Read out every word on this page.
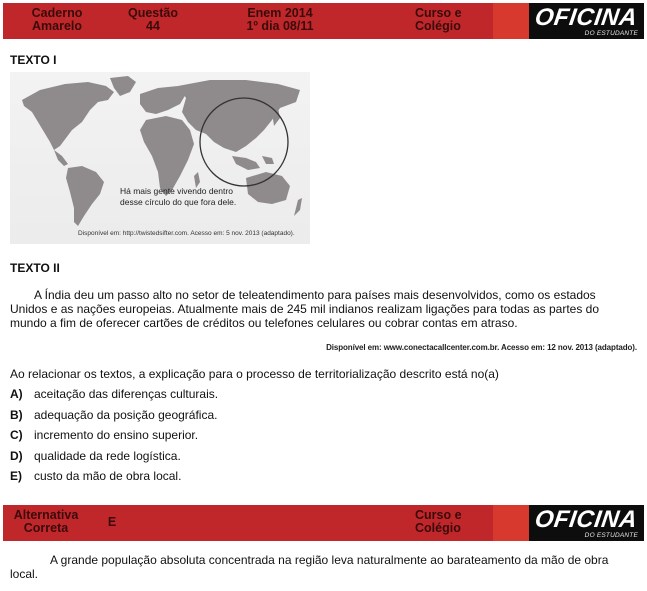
Caderno
Amarelo
Questão
44
Enem 2014
1º dia 08/11
Curso e
Colégio	OFICINA
DO ESTUDANTE
TEXTO I
Há mais gente vivendo dentro
desse círculo do que fora dele.
Disponível em: http://twistedsifter.com. Acesso em: 5 nov. 2013 (adaptado).
TEXTO II
A Índia deu um passo alto no setor de teleatendimento para países mais desenvolvidos, como os estados Unidos e as nações europeias. Atualmente mais de 245 mil indianos realizam ligações para todas as partes do mundo a fim de oferecer cartões de créditos ou telefones celulares ou cobrar contas em atraso.
Disponível em: www.conectacallcenter.com.br. Acesso em: 12 nov. 2013 (adaptado).
Ao relacionar os textos, a explicação para o processo de territorialização descrito está no(a)
A) aceitação das diferenças culturais.
B) adequação da posição geográfica.
C) incremento do ensino superior.
D) qualidade da rede logística.
E)	custo da mão de obra local.
Alternativa
Correta	E	Curso e
Colégio	OFICINA
DO ESTUDANTE
A grande população absoluta concentrada na região leva naturalmente ao barateamento da mão de obra local.
